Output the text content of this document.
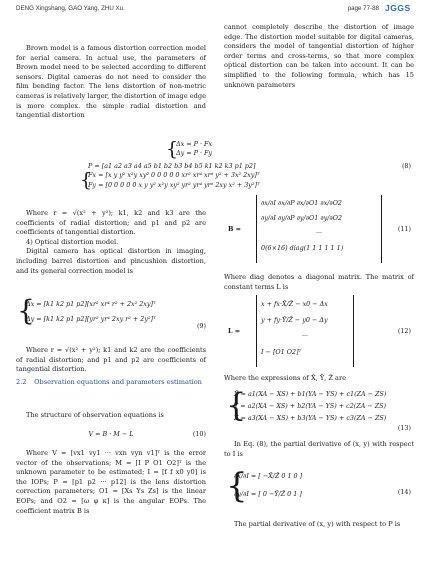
DENG Xingshang, GAO Yang, ZHU Xu.	page 77-88 JGGS

Brown model is a famous distortion correction model for aerial camera. In actual use, the parameters of Brown model need to be selected according to different sensors. Digital cameras do not need to consider the film bending factor. The lens distortion of non-metric cameras is relatively larger, the distortion of image edge is more complex. the simple radial distortion and tangential distortion

cannot completely describe the distortion of image edge. The distortion model suitable for digital cameras, considers the model of tangential distortion of higher order terms and cross-terms, so that more complex optical distortion can be taken into account. It can be simplified to the following formula, which has 15 unknown parameters

{
Δx = P · Fx
Δy = P · Fy
P = [a1 a2 a3 a4 a5 b1 b2 b3 b4 b5 k1 k2 k3 p1 p2]
{
Fx = [x y y² x²y xy² 0 0 0 0 0 xr² xr⁴ xr⁶ y² + 3x² 2xy]ᵀ
Fy = [0 0 0 0 0 x y y² x²y xy² yr² yr⁴ yr⁶ 2xy x² + 3y²]ᵀ
(8)

Where r = √(x² + y²); k1, k2 and k3 are the coefficients of radial distortion; and p1 and p2 are coefficients of tangential distortion.

4) Optical distortion model.

Digital camera has optical distortion in imaging, including barrel distortion and pincushion distortion, and its general correction model is

{
Δx = [k1 k2 p1 p2][xr² xr⁴ r² + 2x² 2xy]ᵀ
Δy = [k1 k2 p1 p2][yr² yr⁴ 2xy r² + 2y²]ᵀ
(9)

Where r = √(x² + y²); k1 and k2 are the coefficients of radial distortion; and p1 and p2 are coefficients of tangential distortion.

2.2 Observation equations and parameters estimation

The structure of observation equations is

V = B · M − L	(10)

Where V = [vx1 vy1 ··· vxn vyn v1]ᵀ is the error vector of the observations; M = [I P O1 O2]ᵀ is the unknown parameter to be estimated; I = [f f x0 y0] is the IOPs; P = [p1 p2 ··· p12] is the lens distortion correction parameters; O1 = [Xs Ys Zs] is the linear EOPs; and O2 = [ω φ κ] is the angular EOPs. The coefficient matrix B is

B =
∂x/∂I ∂x/∂P ∂x/∂O1 ∂x/∂O2
∂y/∂I ∂y/∂P ∂y/∂O1 ∂y/∂O2
···
0(6×16) diag(1 1 1 1 1 1)
(11)

Where diag denotes a diagonal matrix. The matrix of constant terms L is

L =
x + fx·X̄/Z̄ − x0 − Δx
y + fy·Ȳ/Z̄ − y0 − Δy
···
I − [O1 O2]ᵀ
(12)

Where the expressions of X̄, Ȳ, Z̄ are

{
X̄ = a1(XA − XS) + b1(YA − YS) + c1(ZA − ZS)
Ȳ = a2(XA − XS) + b2(YA − YS) + c2(ZA − ZS)
Z̄ = a3(XA − XS) + b3(YA − YS) + c3(ZA − ZS)
(13)

In Eq. (8), the partial derivative of (x, y) with respect to I is

{
∂x/∂I = [ −X̄/Z̄ 0 1 0 ]
∂y/∂I = [ 0 −Ȳ/Z̄ 0 1 ]	(14)

The partial derivative of (x, y) with respect to P is
